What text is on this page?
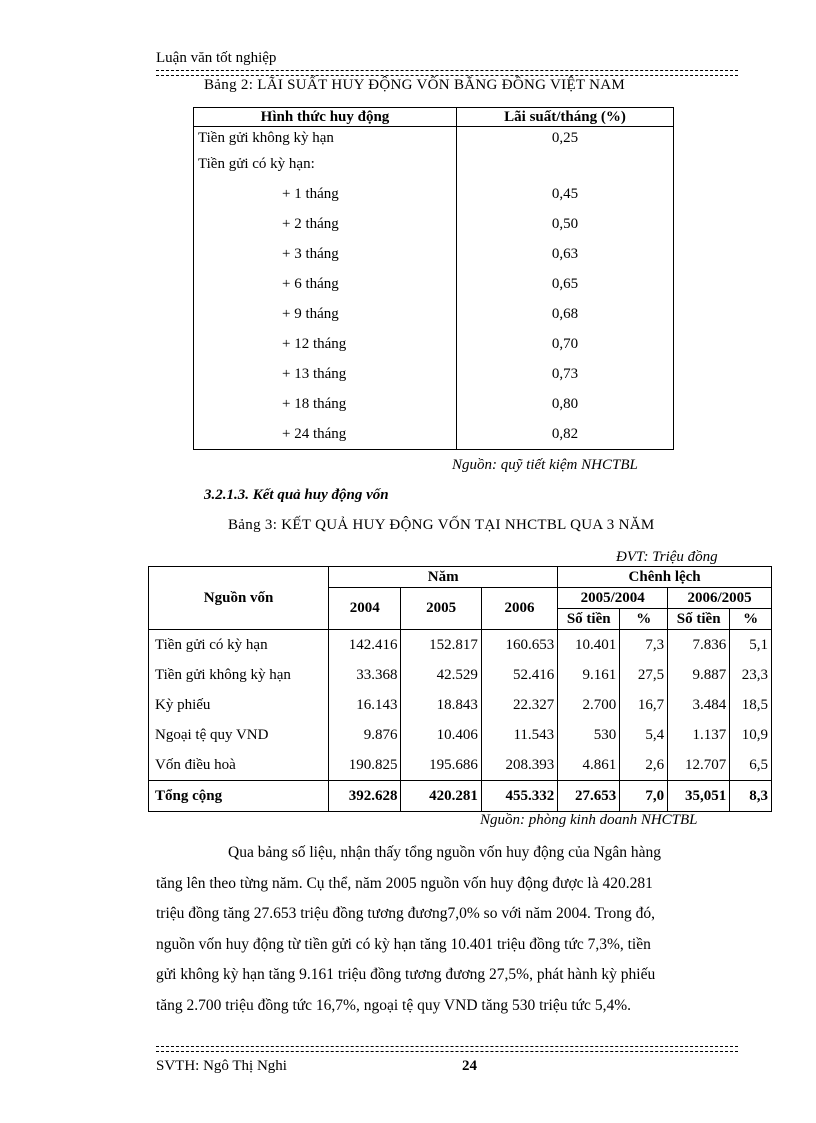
Luận văn tốt nghiệp
Bảng 2: LÃI SUẤT HUY ĐỘNG VỐN BẰNG ĐỒNG VIỆT NAM
Hình thức huy động	Lãi suất/tháng (%)
Tiền gửi không kỳ hạn	0,25
Tiền gửi có kỳ hạn:	
+ 1 tháng	0,45
+ 2 tháng	0,50
+ 3 tháng	0,63
+ 6 tháng	0,65
+ 9 tháng	0,68
+ 12 tháng	0,70
+ 13 tháng	0,73
+ 18 tháng	0,80
+ 24 tháng	0,82
Nguồn: quỹ tiết kiệm NHCTBL
3.2.1.3. Kết quả huy động vốn
Bảng 3: KẾT QUẢ HUY ĐỘNG VỐN TẠI NHCTBL QUA 3 NĂM
ĐVT: Triệu đồng
Nguồn vốn	Năm			Chênh lệch			
	2004	2005	2006	2005/2004		2006/2005	
				Số tiền	%	Số tiền	%
Tiền gửi có kỳ hạn	142.416	152.817	160.653	10.401	7,3	7.836	5,1
Tiền gửi không kỳ hạn	33.368	42.529	52.416	9.161	27,5	9.887	23,3
Kỳ phiếu	16.143	18.843	22.327	2.700	16,7	3.484	18,5
Ngoại tệ quy VND	9.876	10.406	11.543	530	5,4	1.137	10,9
Vốn điều hoà	190.825	195.686	208.393	4.861	2,6	12.707	6,5
Tổng cộng	392.628	420.281	455.332	27.653	7,0	35,051	8,3
Nguồn: phòng kinh doanh NHCTBL

Qua bảng số liệu, nhận thấy tổng nguồn vốn huy động của Ngân hàng

tăng lên theo từng năm. Cụ thể, năm 2005 nguồn vốn huy động được là 420.281

triệu đồng tăng 27.653 triệu đồng tương đương7,0% so với năm 2004. Trong đó,

nguồn vốn huy động từ tiền gửi có kỳ hạn tăng 10.401 triệu đồng tức 7,3%, tiền

gửi không kỳ hạn tăng 9.161 triệu đồng tương đương 27,5%, phát hành kỳ phiếu

tăng 2.700 triệu đồng tức 16,7%, ngoại tệ quy VND tăng 530 triệu tức 5,4%.

SVTH: Ngô Thị Nghi	24
